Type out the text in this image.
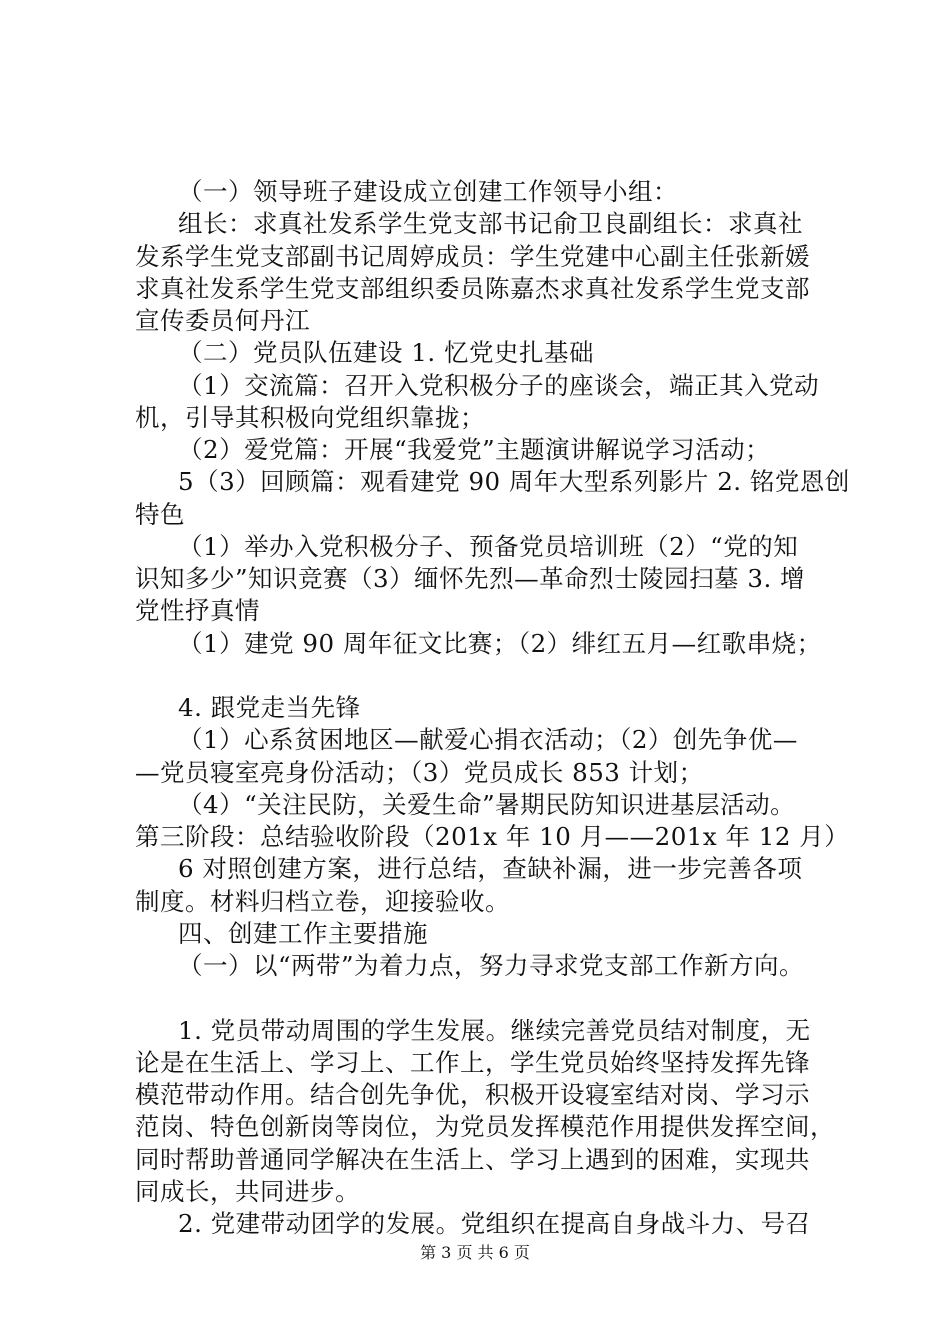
（一）领导班子建设成立创建工作领导小组：
组长：求真社发系学生党支部书记俞卫良副组长：求真社
发系学生党支部副书记周婷成员：学生党建中心副主任张新媛
求真社发系学生党支部组织委员陈嘉杰求真社发系学生党支部
宣传委员何丹江
（二）党员队伍建设 1. 忆党史扎基础
（1）交流篇：召开入党积极分子的座谈会，端正其入党动
机，引导其积极向党组织靠拢；
（2）爱党篇：开展“我爱党”主题演讲解说学习活动；
5（3）回顾篇：观看建党 90 周年大型系列影片 2. 铭党恩创
特色
（1）举办入党积极分子、预备党员培训班（2）“党的知
识知多少”知识竞赛（3）缅怀先烈—革命烈士陵园扫墓 3. 增
党性抒真情
（1）建党 90 周年征文比赛；（2）绯红五月—红歌串烧；
4. 跟党走当先锋
（1）心系贫困地区—献爱心捐衣活动；（2）创先争优—
—党员寝室亮身份活动；（3）党员成长 853 计划；
（4）“关注民防，关爱生命”暑期民防知识进基层活动。
第三阶段：总结验收阶段（201x 年 10 月——201x 年 12 月）
6 对照创建方案，进行总结，查缺补漏，进一步完善各项
制度。材料归档立卷，迎接验收。
四、创建工作主要措施
（一）以“两带”为着力点，努力寻求党支部工作新方向。
1. 党员带动周围的学生发展。继续完善党员结对制度，无
论是在生活上、学习上、工作上，学生党员始终坚持发挥先锋
模范带动作用。结合创先争优，积极开设寝室结对岗、学习示
范岗、特色创新岗等岗位，为党员发挥模范作用提供发挥空间，
同时帮助普通同学解决在生活上、学习上遇到的困难，实现共
同成长，共同进步。
2. 党建带动团学的发展。党组织在提高自身战斗力、号召
第 3 页 共 6 页
